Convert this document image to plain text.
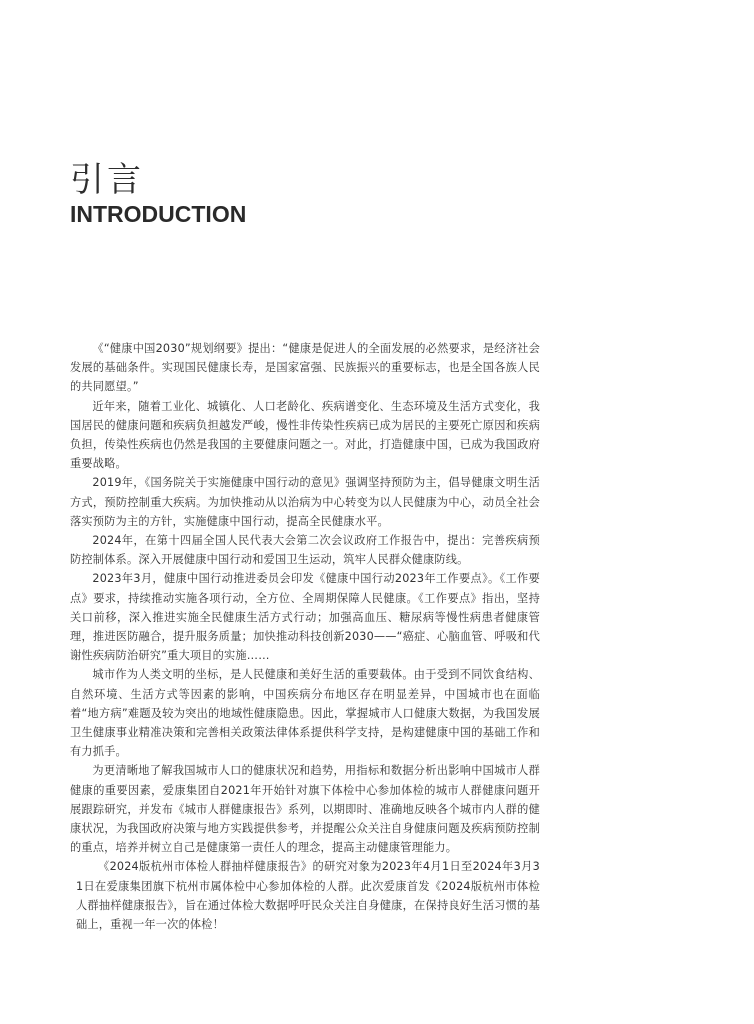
引言
INTRODUCTION

《“健康中国2030”规划纲要》提出：“健康是促进人的全面发展的必然要求，是经济社会发展的基础条件。实现国民健康长寿，是国家富强、民族振兴的重要标志，也是全国各族人民的共同愿望。”

近年来，随着工业化、城镇化、人口老龄化、疾病谱变化、生态环境及生活方式变化，我国居民的健康问题和疾病负担越发严峻，慢性非传染性疾病已成为居民的主要死亡原因和疾病负担，传染性疾病也仍然是我国的主要健康问题之一。对此，打造健康中国，已成为我国政府重要战略。

2019年，《国务院关于实施健康中国行动的意见》强调坚持预防为主，倡导健康文明生活方式，预防控制重大疾病。为加快推动从以治病为中心转变为以人民健康为中心，动员全社会落实预防为主的方针，实施健康中国行动，提高全民健康水平。

2024年，在第十四届全国人民代表大会第二次会议政府工作报告中，提出：完善疾病预防控制体系。深入开展健康中国行动和爱国卫生运动，筑牢人民群众健康防线。

2023年3月，健康中国行动推进委员会印发《健康中国行动2023年工作要点》。《工作要点》要求，持续推动实施各项行动，全方位、全周期保障人民健康。《工作要点》指出，坚持关口前移，深入推进实施全民健康生活方式行动；加强高血压、糖尿病等慢性病患者健康管理，推进医防融合，提升服务质量；加快推动科技创新2030——“癌症、心脑血管、呼吸和代谢性疾病防治研究”重大项目的实施……

城市作为人类文明的坐标，是人民健康和美好生活的重要载体。由于受到不同饮食结构、自然环境、生活方式等因素的影响，中国疾病分布地区存在明显差异，中国城市也在面临着“地方病”难题及较为突出的地域性健康隐患。因此，掌握城市人口健康大数据，为我国发展卫生健康事业精准决策和完善相关政策法律体系提供科学支持，是构建健康中国的基础工作和有力抓手。

为更清晰地了解我国城市人口的健康状况和趋势，用指标和数据分析出影响中国城市人群健康的重要因素，爱康集团自2021年开始针对旗下体检中心参加体检的城市人群健康问题开展跟踪研究，并发布《城市人群健康报告》系列，以期即时、准确地反映各个城市内人群的健康状况，为我国政府决策与地方实践提供参考，并提醒公众关注自身健康问题及疾病预防控制的重点，培养并树立自己是健康第一责任人的理念，提高主动健康管理能力。

《2024版杭州市体检人群抽样健康报告》的研究对象为2023年4月1日至2024年3月31日在爱康集团旗下杭州市属体检中心参加体检的人群。此次爱康首发《2024版杭州市体检人群抽样健康报告》，旨在通过体检大数据呼吁民众关注自身健康，在保持良好生活习惯的基础上，重视一年一次的体检！
